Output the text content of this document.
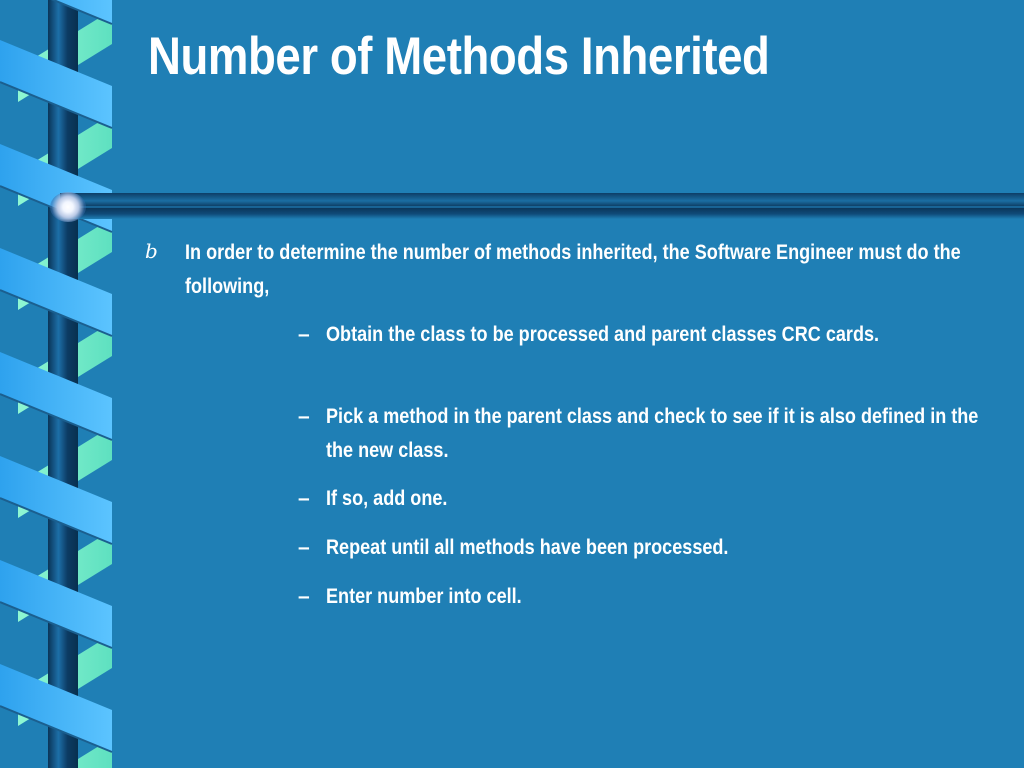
Number of Methods Inherited
b In order to determine the number of methods inherited, the Software Engineer must do the following,
– Obtain the class to be processed and parent classes CRC cards.
– Pick a method in the parent class and check to see if it is also defined in the the new class.
– If so, add one.
– Repeat until all methods have been processed.
– Enter number into cell.
